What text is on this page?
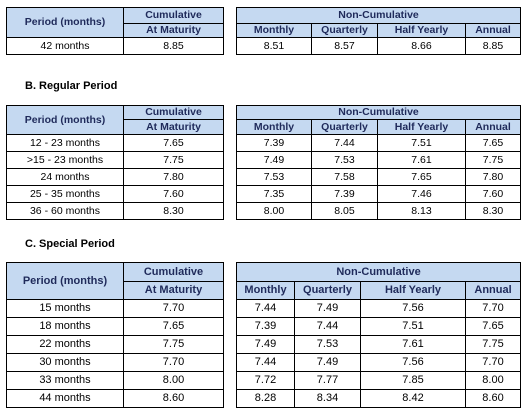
Period (months)	Cumulative		Non-Cumulative			
	At Maturity		Monthly	Quarterly	Half Yearly	Annual
42 months	8.85		8.51	8.57	8.66	8.85
B. Regular Period
Period (months)	Cumulative		Non-Cumulative			
	At Maturity		Monthly	Quarterly	Half Yearly	Annual
12 - 23 months	7.65		7.39	7.44	7.51	7.65
>15 - 23 months	7.75		7.49	7.53	7.61	7.75
24 months	7.80		7.53	7.58	7.65	7.80
25 - 35 months	7.60		7.35	7.39	7.46	7.60
36 - 60 months	8.30		8.00	8.05	8.13	8.30
C. Special Period
Period (months)	Cumulative		Non-Cumulative			
	At Maturity		Monthly	Quarterly	Half Yearly	Annual
15 months	7.70		7.44	7.49	7.56	7.70
18 months	7.65		7.39	7.44	7.51	7.65
22 months	7.75		7.49	7.53	7.61	7.75
30 months	7.70		7.44	7.49	7.56	7.70
33 months	8.00		7.72	7.77	7.85	8.00
44 months	8.60		8.28	8.34	8.42	8.60
